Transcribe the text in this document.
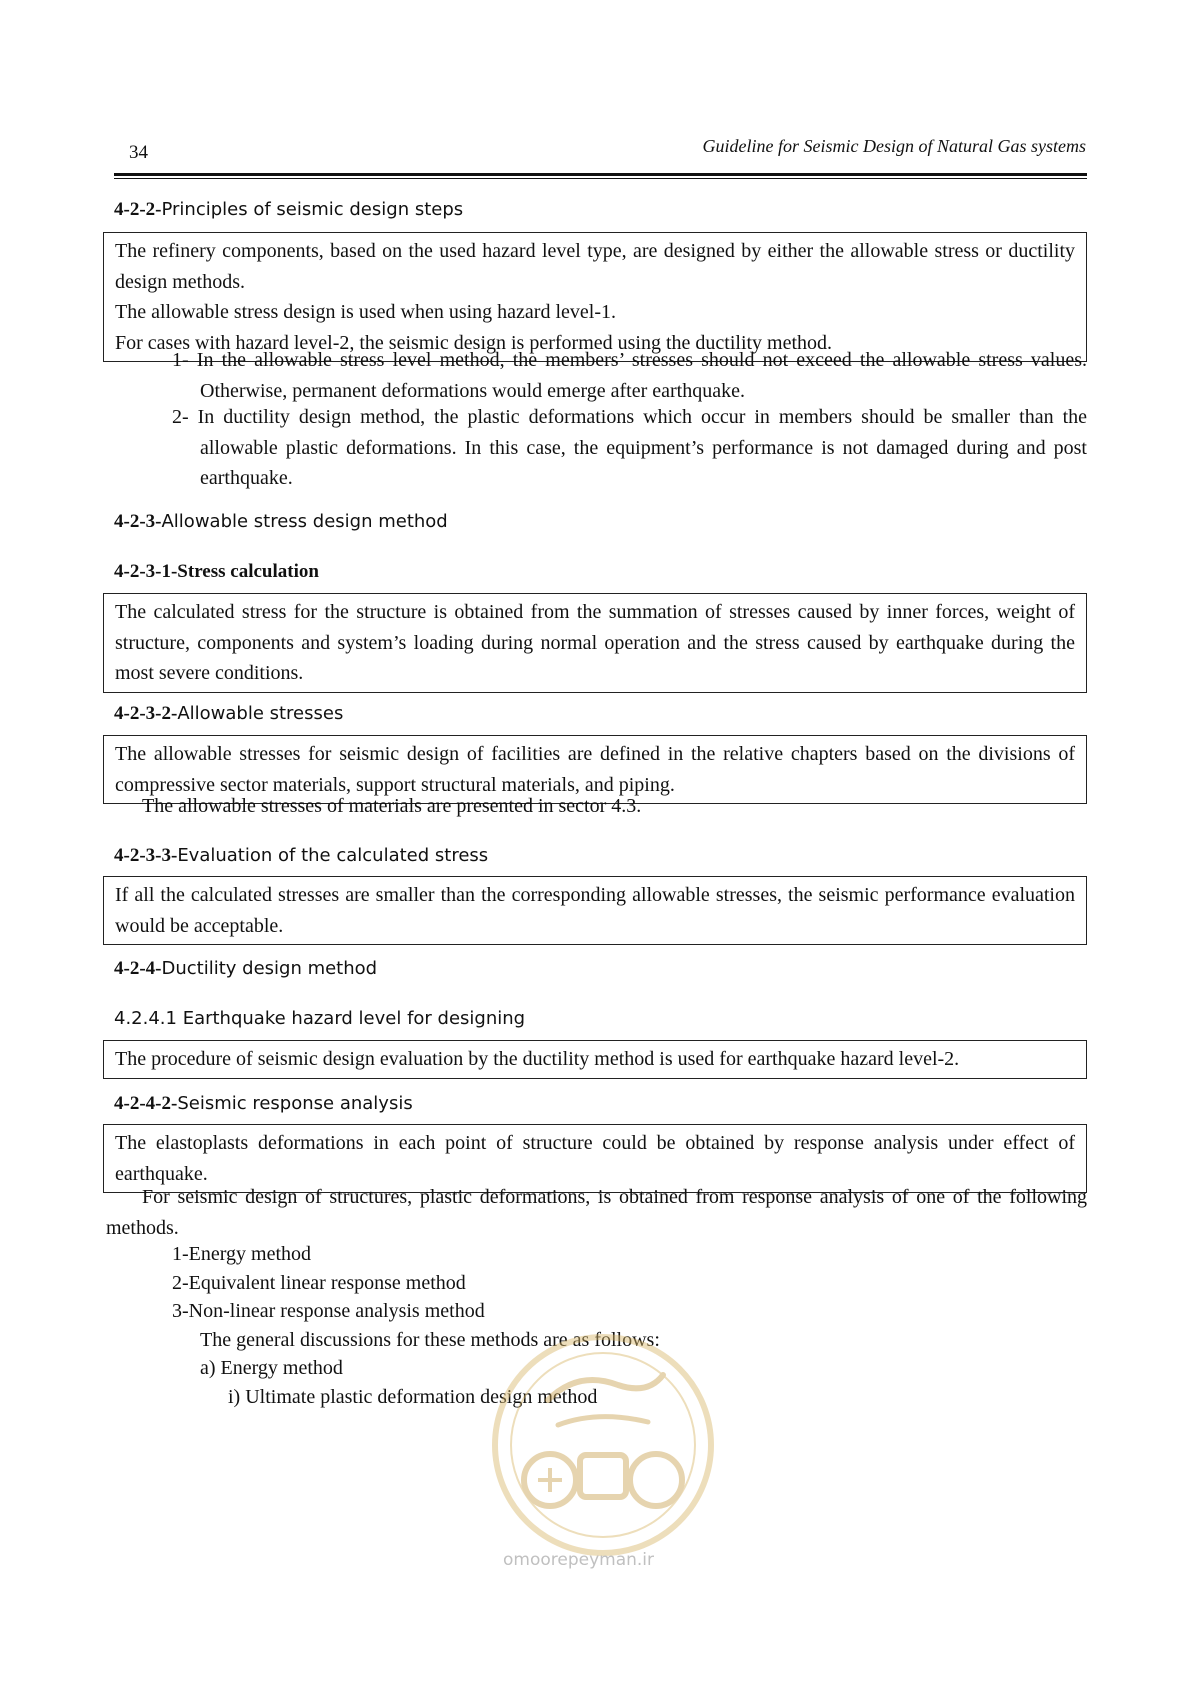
34	Guideline for Seismic Design of Natural Gas systems
4-2-2-Principles of seismic design steps

The refinery components, based on the used hazard level type, are designed by either the allowable stress or ductility design methods.

The allowable stress design is used when using hazard level-1.

For cases with hazard level-2, the seismic design is performed using the ductility method.

1- In the allowable stress level method, the members’ stresses should not exceed the allowable stress values. Otherwise, permanent deformations would emerge after earthquake.
2- In ductility design method, the plastic deformations which occur in members should be smaller than the allowable plastic deformations. In this case, the equipment’s performance is not damaged during and post earthquake.
4-2-3-Allowable stress design method
4-2-3-1-Stress calculation

The calculated stress for the structure is obtained from the summation of stresses caused by inner forces, weight of structure, components and system’s loading during normal operation and the stress caused by earthquake during the most severe conditions.

4-2-3-2-Allowable stresses

The allowable stresses for seismic design of facilities are defined in the relative chapters based on the divisions of compressive sector materials, support structural materials, and piping.

The allowable stresses of materials are presented in sector 4.3.
4-2-3-3-Evaluation of the calculated stress

If all the calculated stresses are smaller than the corresponding allowable stresses, the seismic performance evaluation would be acceptable.

4-2-4-Ductility design method
4.2.4.1 Earthquake hazard level for designing

The procedure of seismic design evaluation by the ductility method is used for earthquake hazard level-2.

4-2-4-2-Seismic response analysis

The elastoplasts deformations in each point of structure could be obtained by response analysis under effect of earthquake.

For seismic design of structures, plastic deformations, is obtained from response analysis of one of the following methods.
1-Energy method
2-Equivalent linear response method
3-Non-linear response analysis method
The general discussions for these methods are as follows:
a) Energy method
i) Ultimate plastic deformation design method
omoorepeyman.ir
